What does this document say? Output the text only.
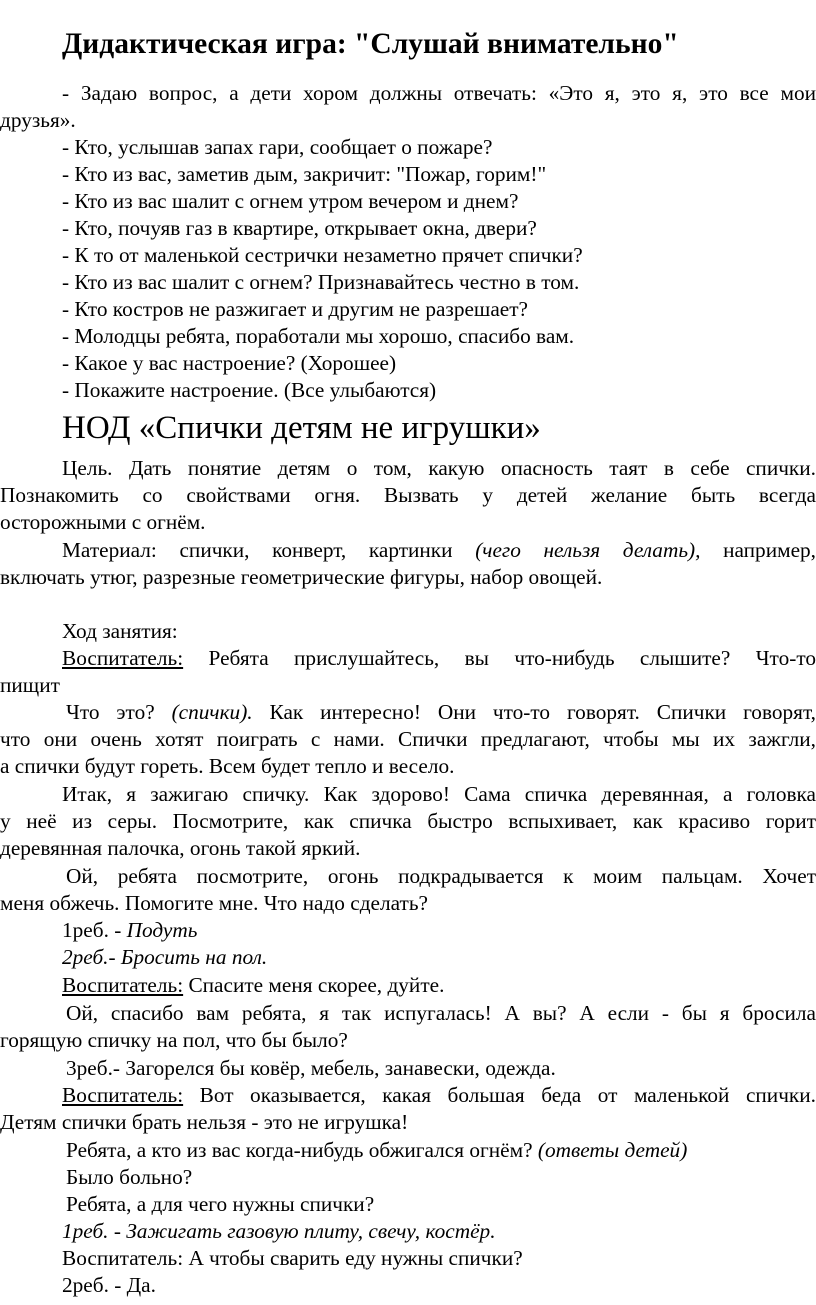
Дидактическая игра: "Слушай внимательно"
- Задаю вопрос, а дети хором должны отвечать: «Это я, это я, это все мои
друзья».
- Кто, услышав запах гари, сообщает о пожаре?
- Кто из вас, заметив дым, закричит: "Пожар, горим!"
- Кто из вас шалит с огнем утром вечером и днем?
- Кто, почуяв газ в квартире, открывает окна, двери?
- К то от маленькой сестрички незаметно прячет спички?
- Кто из вас шалит с огнем? Признавайтесь честно в том.
- Кто костров не разжигает и другим не разрешает?
- Молодцы ребята, поработали мы хорошо, спасибо вам.
- Какое у вас настроение? (Хорошее)
- Покажите настроение. (Все улыбаются)
НОД «Спички детям не игрушки»
Цель. Дать понятие детям о том, какую опасность таят в себе спички.
Познакомить со свойствами огня. Вызвать у детей желание быть всегда
осторожными с огнём.
Материал: спички, конверт, картинки (чего нельзя делать), например,
включать утюг, разрезные геометрические фигуры, набор овощей.
Ход занятия:
Воспитатель: Ребята прислушайтесь, вы что-нибудь слышите? Что-то
пищит
Что это? (спички). Как интересно! Они что-то говорят. Спички говорят,
что они очень хотят поиграть с нами. Спички предлагают, чтобы мы их зажгли,
а спички будут гореть. Всем будет тепло и весело.
Итак, я зажигаю спичку. Как здорово! Сама спичка деревянная, а головка
у неё из серы. Посмотрите, как спичка быстро вспыхивает, как красиво горит
деревянная палочка, огонь такой яркий.
Ой, ребята посмотрите, огонь подкрадывается к моим пальцам. Хочет
меня обжечь. Помогите мне. Что надо сделать?
1реб. - Подуть
2реб.- Бросить на пол.
Воспитатель: Спасите меня скорее, дуйте.
Ой, спасибо вам ребята, я так испугалась! А вы? А если - бы я бросила
горящую спичку на пол, что бы было?
3реб.- Загорелся бы ковёр, мебель, занавески, одежда.
Воспитатель: Вот оказывается, какая большая беда от маленькой спички.
Детям спички брать нельзя - это не игрушка!
Ребята, а кто из вас когда-нибудь обжигался огнём? (ответы детей)
Было больно?
Ребята, а для чего нужны спички?
1реб. - Зажигать газовую плиту, свечу, костёр.
Воспитатель: А чтобы сварить еду нужны спички?
2реб. - Да.
